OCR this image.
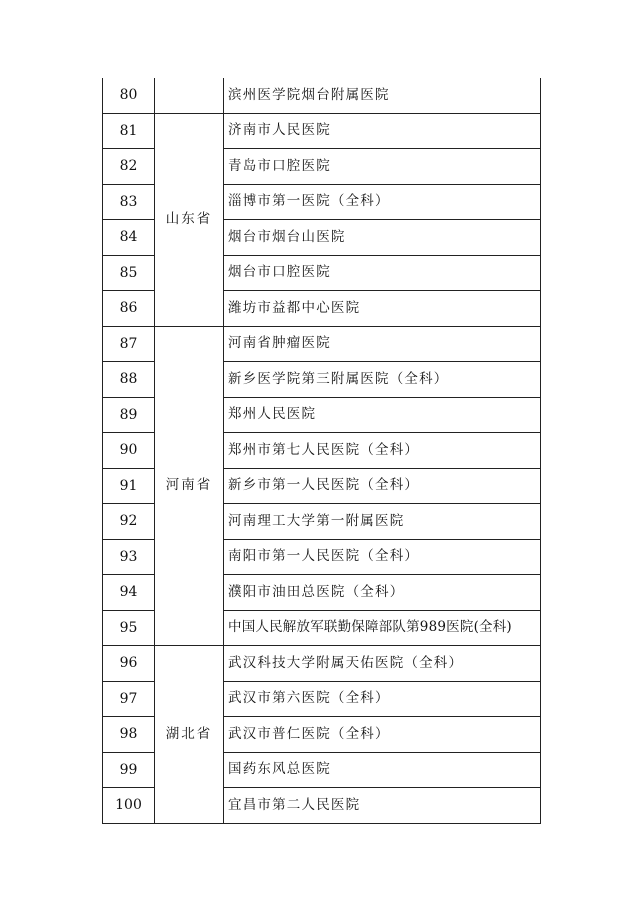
80		滨州医学院烟台附属医院
81	山东省	济南市人民医院
82		青岛市口腔医院
83		淄博市第一医院（全科）
84		烟台市烟台山医院
85		烟台市口腔医院
86		潍坊市益都中心医院
87	河南省	河南省肿瘤医院
88		新乡医学院第三附属医院（全科）
89		郑州人民医院
90		郑州市第七人民医院（全科）
91		新乡市第一人民医院（全科）
92		河南理工大学第一附属医院
93		南阳市第一人民医院（全科）
94		濮阳市油田总医院（全科）
95		中国人民解放军联勤保障部队第989医院(全科)
96	湖北省	武汉科技大学附属天佑医院（全科）
97		武汉市第六医院（全科）
98		武汉市普仁医院（全科）
99		国药东风总医院
100		宜昌市第二人民医院
